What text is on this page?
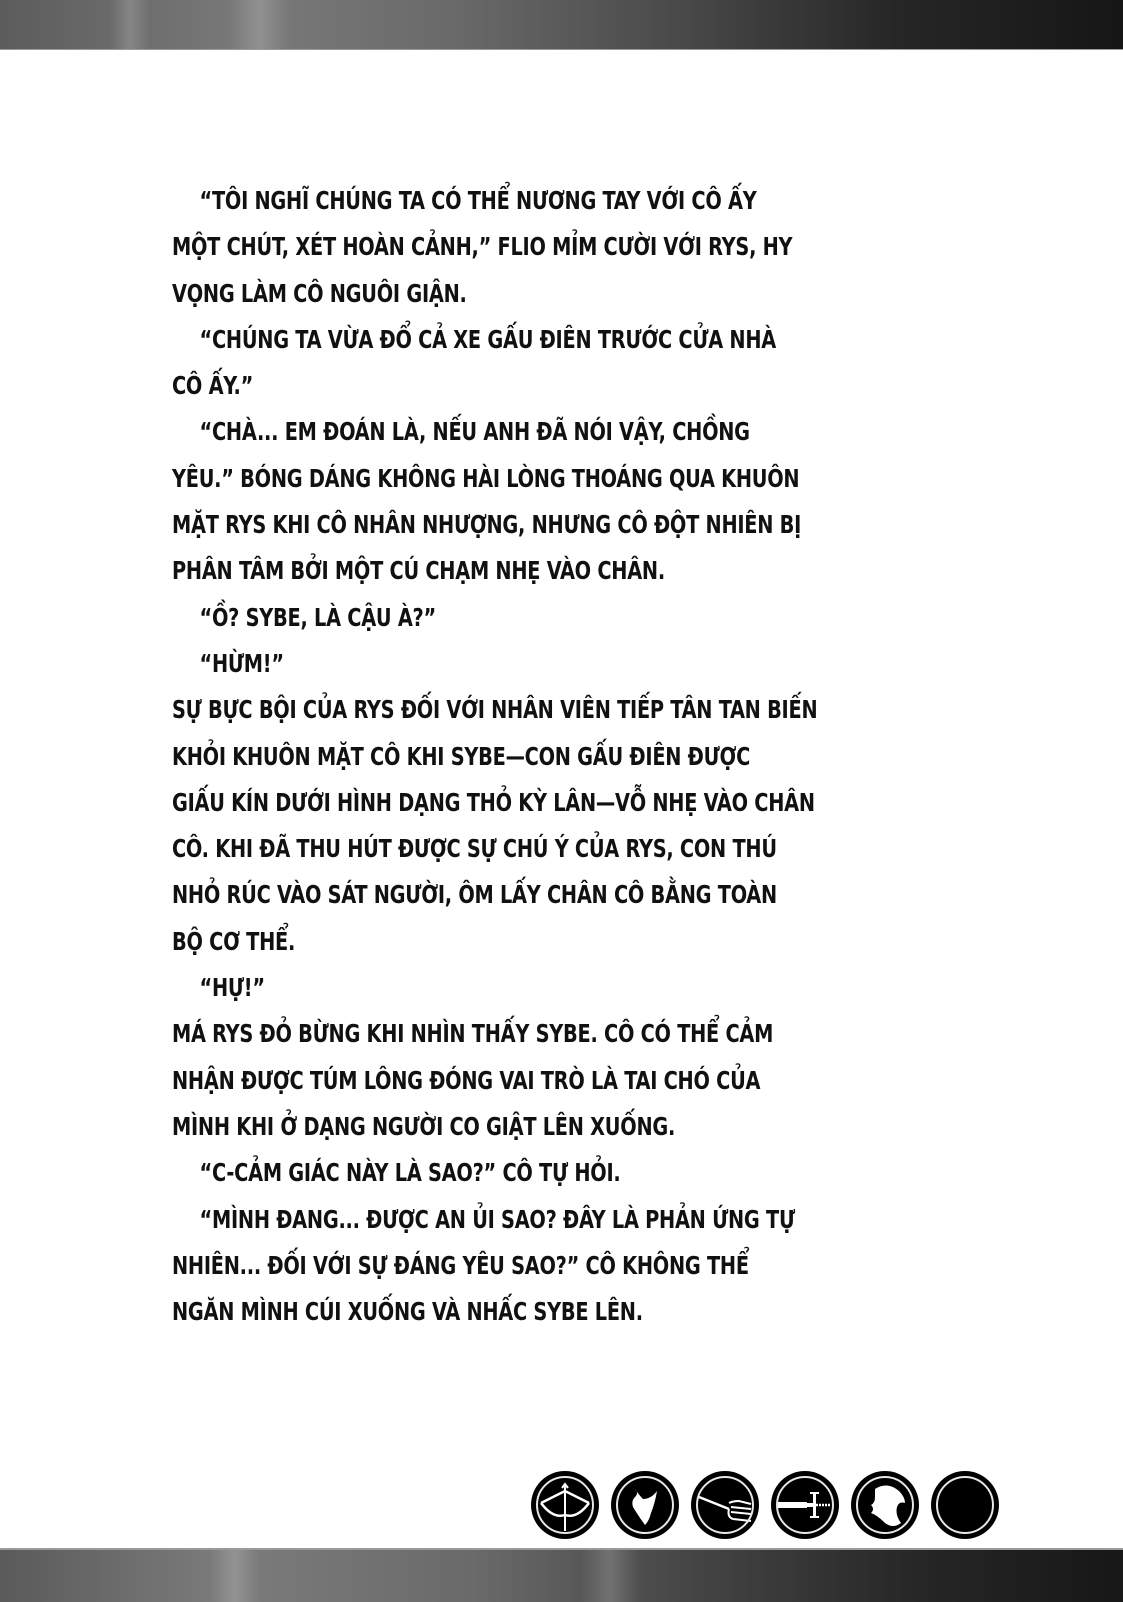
“TÔI NGHĨ CHÚNG TA CÓ THỂ NƯƠNG TAY VỚI CÔ ẤY
MỘT CHÚT, XÉT HOÀN CẢNH,” FLIO MỈM CƯỜI VỚI RYS, HY
VỌNG LÀM CÔ NGUÔI GIẬN.
“CHÚNG TA VỪA ĐỔ CẢ XE GẤU ĐIÊN TRƯỚC CỬA NHÀ
CÔ ẤY.”
“CHÀ... EM ĐOÁN LÀ, NẾU ANH ĐÃ NÓI VẬY, CHỒNG
YÊU.” BÓNG DÁNG KHÔNG HÀI LÒNG THOÁNG QUA KHUÔN
MẶT RYS KHI CÔ NHÂN NHƯỢNG, NHƯNG CÔ ĐỘT NHIÊN BỊ
PHÂN TÂM BỞI MỘT CÚ CHẠM NHẸ VÀO CHÂN.
“Ồ? SYBE, LÀ CẬU À?”
“HỪM!”
SỰ BỰC BỘI CỦA RYS ĐỐI VỚI NHÂN VIÊN TIẾP TÂN TAN BIẾN
KHỎI KHUÔN MẶT CÔ KHI SYBE—CON GẤU ĐIÊN ĐƯỢC
GIẤU KÍN DƯỚI HÌNH DẠNG THỎ KỲ LÂN—VỖ NHẸ VÀO CHÂN
CÔ. KHI ĐÃ THU HÚT ĐƯỢC SỰ CHÚ Ý CỦA RYS, CON THÚ
NHỎ RÚC VÀO SÁT NGƯỜI, ÔM LẤY CHÂN CÔ BẰNG TOÀN
BỘ CƠ THỂ.
“HỰ!”
MÁ RYS ĐỎ BỪNG KHI NHÌN THẤY SYBE. CÔ CÓ THỂ CẢM
NHẬN ĐƯỢC TÚM LÔNG ĐÓNG VAI TRÒ LÀ TAI CHÓ CỦA
MÌNH KHI Ở DẠNG NGƯỜI CO GIẬT LÊN XUỐNG.
“C-CẢM GIÁC NÀY LÀ SAO?” CÔ TỰ HỎI.
“MÌNH ĐANG... ĐƯỢC AN ỦI SAO? ĐÂY LÀ PHẢN ỨNG TỰ
NHIÊN... ĐỐI VỚI SỰ ĐÁNG YÊU SAO?” CÔ KHÔNG THỂ
NGĂN MÌNH CÚI XUỐNG VÀ NHẤC SYBE LÊN.
